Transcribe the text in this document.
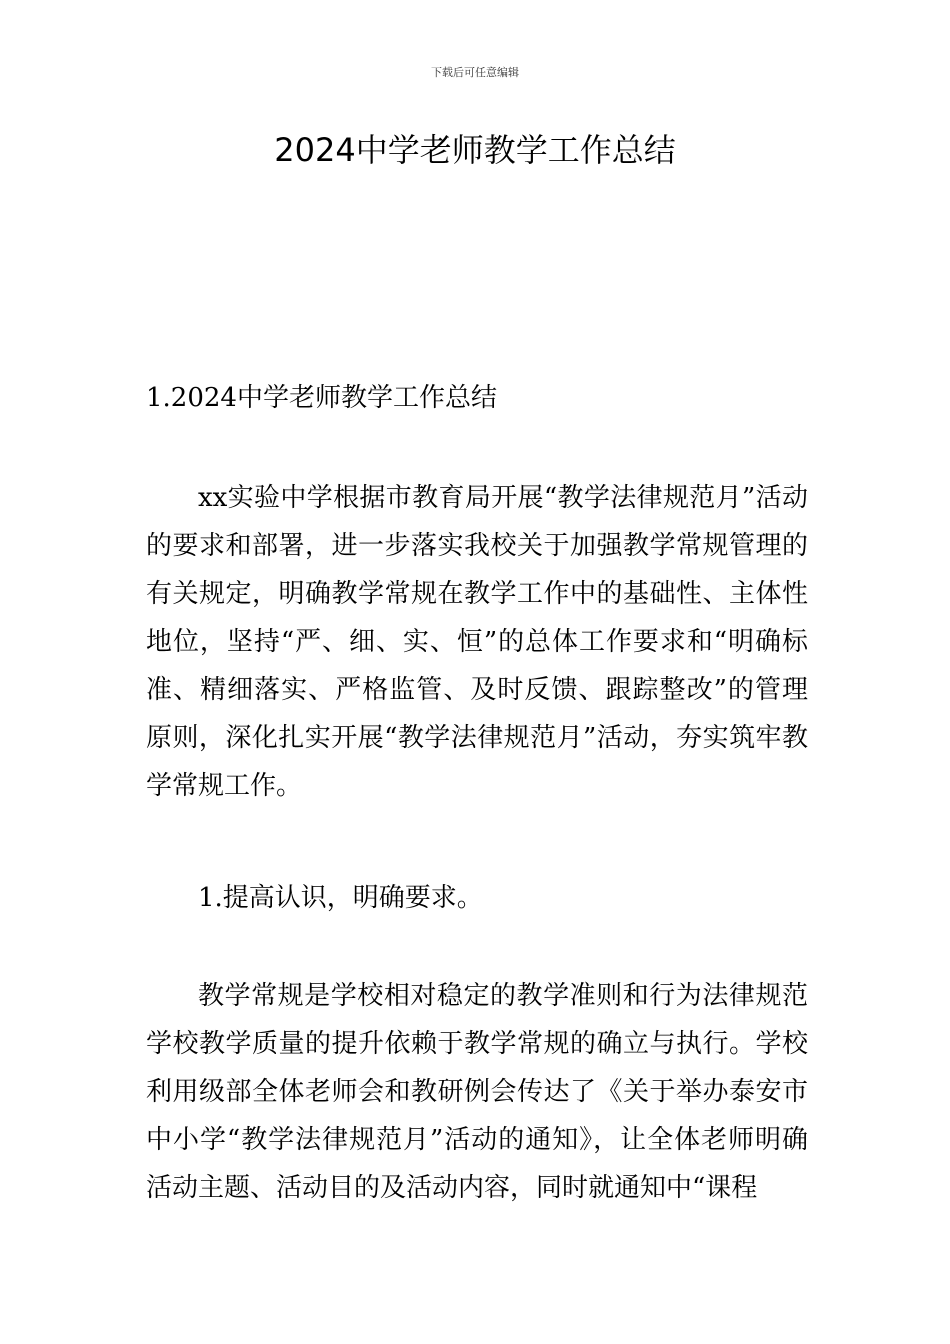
下载后可任意编辑
2024中学老师教学工作总结
1.2024中学老师教学工作总结

xx实验中学根据市教育局开展“教学法律规范月”活动的要求和部署，进一步落实我校关于加强教学常规管理的有关规定，明确教学常规在教学工作中的基础性、主体性地位，坚持“严、细、实、恒”的总体工作要求和“明确标准、精细落实、严格监管、及时反馈、跟踪整改”的管理原则，深化扎实开展“教学法律规范月”活动，夯实筑牢教学常规工作。

1.提高认识，明确要求。

教学常规是学校相对稳定的教学准则和行为法律规范学校教学质量的提升依赖于教学常规的确立与执行。学校利用级部全体老师会和教研例会传达了《关于举办泰安市中小学“教学法律规范月”活动的通知》，让全体老师明确活动主题、活动目的及活动内容，同时就通知中“课程
